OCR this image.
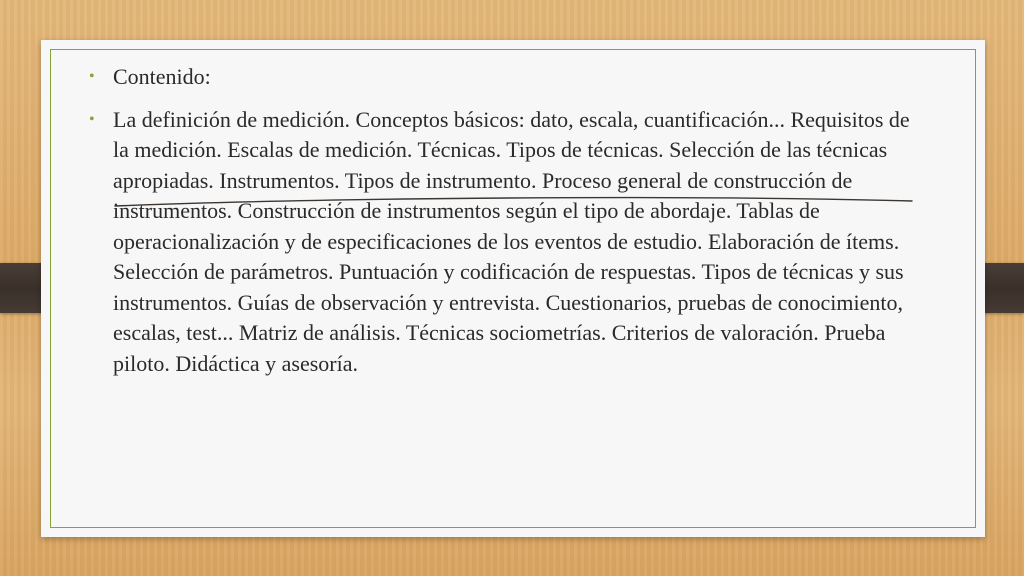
• Contenido:
• La definición de medición. Conceptos básicos: dato, escala, cuantificación... Requisitos de la medición. Escalas de medición. Técnicas. Tipos de técnicas. Selección de las técnicas apropiadas. Instrumentos. Tipos de instrumento. Proceso general de construcción de instrumentos. Construcción de instrumentos según el tipo de abordaje. Tablas de operacionalización y de especificaciones de los eventos de estudio. Elaboración de ítems. Selección de parámetros. Puntuación y codificación de respuestas. Tipos de técnicas y sus instrumentos. Guías de observación y entrevista. Cuestionarios, pruebas de conocimiento, escalas, test... Matriz de análisis. Técnicas sociometrías. Criterios de valoración. Prueba piloto. Didáctica y asesoría.
